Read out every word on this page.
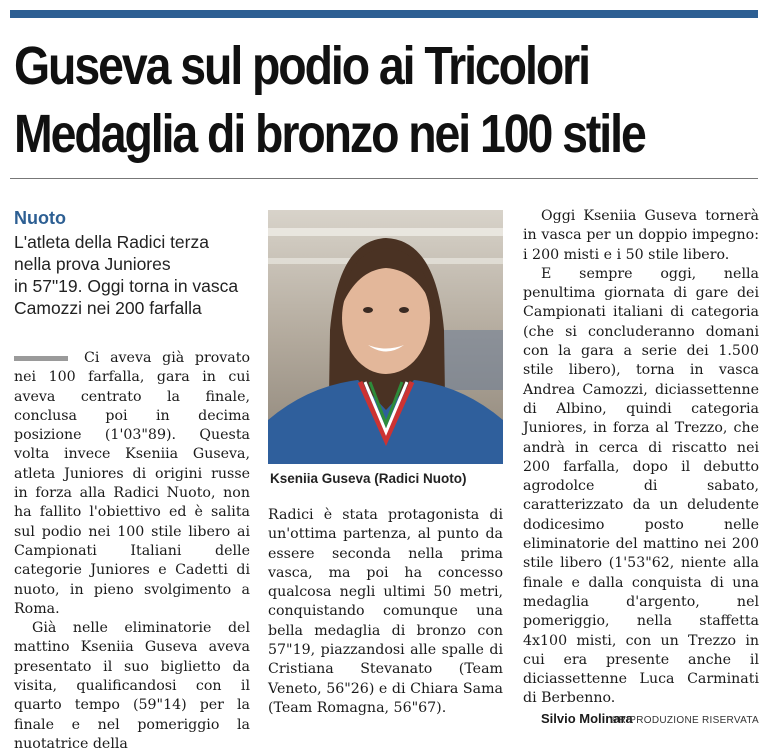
Guseva sul podio ai Tricolori
Medaglia di bronzo nei 100 stile
Nuoto
L'atleta della Radici terza
nella prova Juniores
in 57"19. Oggi torna in vasca
Camozzi nei 200 farfalla

Ci aveva già provato nei 100 farfalla, gara in cui aveva centrato la finale, conclusa poi in decima posizione (1'03"89). Questa volta invece Kseniia Guseva, atleta Juniores di origini russe in forza alla Radici Nuoto, non ha fallito l'obiettivo ed è salita sul podio nei 100 stile libero ai Campionati Italiani delle categorie Juniores e Cadetti di nuoto, in pieno svolgimento a Roma.

Già nelle eliminatorie del mattino Kseniia Guseva aveva presentato il suo biglietto da visita, qualificandosi con il quarto tempo (59"14) per la finale e nel pomeriggio la nuotatrice della

Kseniia Guseva (Radici Nuoto)

Radici è stata protagonista di un'ottima partenza, al punto da essere seconda nella prima vasca, ma poi ha concesso qualcosa negli ultimi 50 metri, conquistando comunque una bella medaglia di bronzo con 57"19, piazzandosi alle spalle di Cristiana Stevanato (Team Veneto, 56"26) e di Chiara Sama (Team Romagna, 56"67).

Oggi Kseniia Guseva tornerà in vasca per un doppio impegno: i 200 misti e i 50 stile libero.

E sempre oggi, nella penultima giornata di gare dei Campionati italiani di categoria (che si concluderanno domani con la gara a serie dei 1.500 stile libero), torna in vasca Andrea Camozzi, diciassettenne di Albino, quindi categoria Juniores, in forza al Trezzo, che andrà in cerca di riscatto nei 200 farfalla, dopo il debutto agrodolce di sabato, caratterizzato da un deludente dodicesimo posto nelle eliminatorie del mattino nei 200 stile libero (1'53"62, niente alla finale e dalla conquista di una medaglia d'argento, nel pomeriggio, nella staffetta 4x100 misti, con un Trezzo in cui era presente anche il diciassettenne Luca Carminati di Berbenno.

Silvio Molinara

©RIPRODUZIONE RISERVATA
